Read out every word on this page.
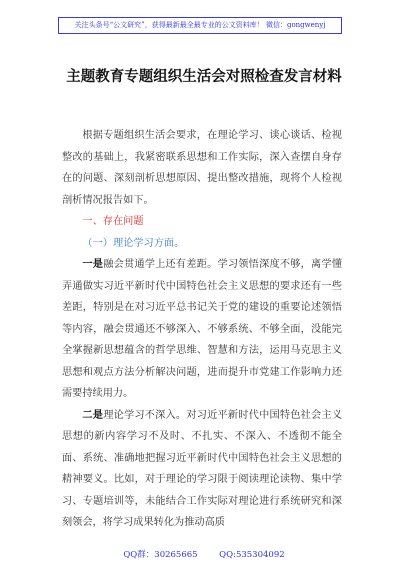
关注头条号“公文研究”，获得最新最全最专业的公文资料库！ 微信：gongwenyj
主题教育专题组织生活会对照检查发言材料

根据专题组织生活会要求，在理论学习、谈心谈话、检视整改的基础上，我紧密联系思想和工作实际，深入查摆自身存在的问题、深刻剖析思想原因、提出整改措施，现将个人检视剖析情况报告如下。

一、存在问题

（一）理论学习方面。

一是融会贯通学上还有差距。学习领悟深度不够，离学懂弄通做实习近平新时代中国特色社会主义思想的要求还有一些差距，特别是在对习近平总书记关于党的建设的重要论述领悟等内容，融会贯通还不够深入、不够系统、不够全面，没能完全掌握新思想蕴含的哲学思维、智慧和方法，运用马克思主义思想和观点方法分析解决问题，进而提升市党建工作影响力还需要持续用力。

二是理论学习不深入。对习近平新时代中国特色社会主义思想的新内容学习不及时、不扎实、不深入、不透彻不能全面、系统、准确地把握习近平新时代中国特色社会主义思想的精神要义。比如，对于理论的学习限于阅读理论读物、集中学习、专题培训等，未能结合工作实际对理论进行系统研究和深刻领会，将学习成果转化为推动高质

QQ群：30265665        QQ:535304092
